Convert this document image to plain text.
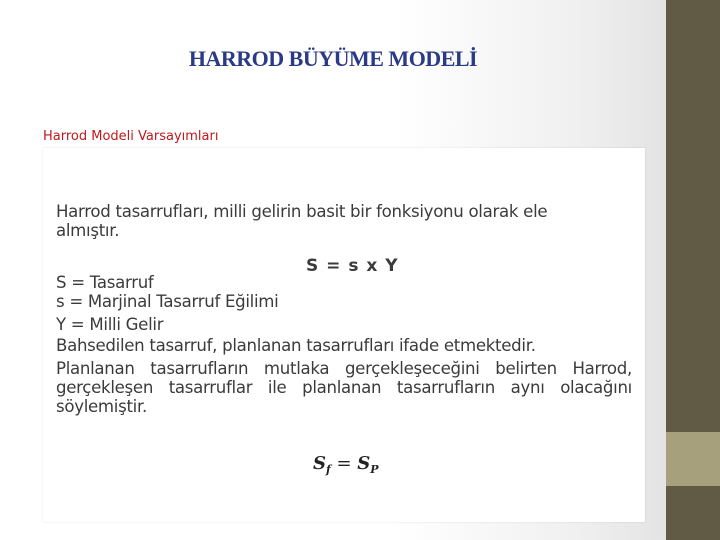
HARROD BÜYÜME MODELİ

Harrod Modeli Varsayımları

Harrod tasarrufları, milli gelirin basit bir fonksiyonu olarak ele almıştır.

S = Tasarruf

s = Marjinal Tasarruf Eğilimi

Y = Milli Gelir

Bahsedilen tasarruf, planlanan tasarrufları ifade etmektedir.

Planlanan tasarrufların mutlaka gerçekleşeceğini belirten Harrod, gerçekleşen tasarruflar ile planlanan tasarrufların aynı olacağını söylemiştir.

S = s x Y
$S_f = S_P$
